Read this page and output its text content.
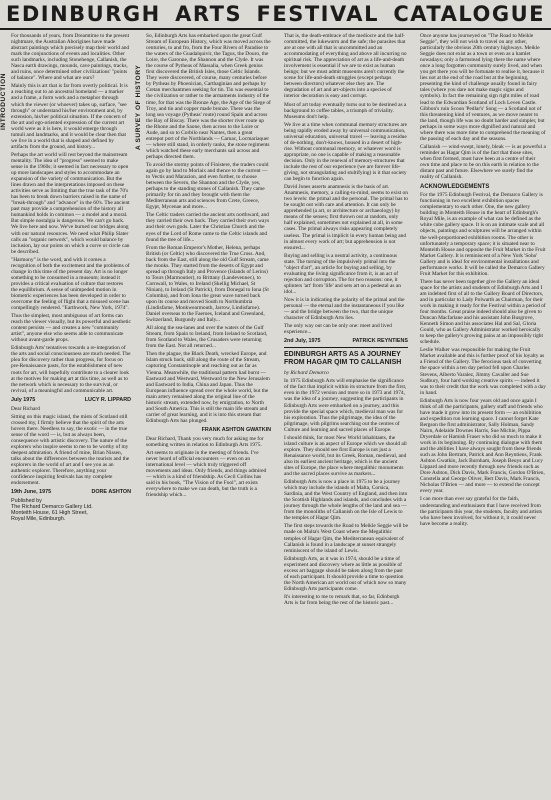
EDINBURGH ARTS FESTIVAL CATALOGUE
INTRODUCTION	A SURVEY OF HISTORY

For thousands of years, from Dreamtime to the present nightmare, the Australian Aborigines have made abstract paintings which precisely map their world and mark the conjunctions of events and localities. Other such landmarks, including Stonehenge, Callanish, the Nasca earth drawings, mounds, cave paintings, tracks, and ruins, once determined other civilizations' "points of balance". Where and what are ours?

Mainly this is art that is far from overtly political. It is a reaching out to an ancestral homeland — a marker and a frame, a form work and a metaphor through which the viewer (or whoever) takes up, surface, "see through" or understand his/her environment and, by extension, his/her political situation. If the concern of the art and ego-oriented expression of the current art world were as it is here, it would emerge through tumuli and landmarks, and it would be clear then that we live in a world that is shaped and defined by artifacts from the ground, and history...

Perhaps the art world will rest beyond the mainstream mentality. The idea of "progress" seemed to make sense in the 1960s; it seemed in fact necessary to open up more landscapes and styles to accommodate an expansion of the variety of communication. But the lines drawn and the interpretations imposed on these activities serve as limiting that the true task of the 70's has been to break down barriers raised in the name of "break-through" and "advance" in the 60's. The ancient past may provide a comprehension of the history all humankind holds in common — a model and a moral. But simple nostalgia is dangerous. We can't go back. We live here and now. We've burned our bridges along with our natural resources. We need what Philip Slater calls an "organic network", which would balance by inclusion, lay our points on which a curve or circle can be described.

"Harmony" is the word, and with it comes a recognition of both the excitement and the problems of change in this time of the present day. Art is no longer something to be consumed in a museum; instead it provides a critical evaluation of culture that restores the equilibrium. A sense of unimpeded motion in biometric experiences has been developed in order to overcome the feeling of flight that a misused scene has compellingly rendered. "Earthwork, New York, 1974".

Thus the simplest, most ambiguous of art forms can reach the viewer visually, but its powerful and aesthetic content persists — and creates a new "community artist", anyone else who seems able to communicate without avant-garde props.

Edinburgh Arts' tentatives towards a re-integration of the arts and social consciousness are much needed. The plea for discovery rather than progress, for focus on pre-Renaissance pasts, for the establishment of new roots for art, will hopefully contribute to a clearer look at the motives for making art at this time, as well as to the network which is necessary to the survival, or revival, of a meaningful and communicable art.

July 1975	LUCY R. LIPPARD

Dear Richard

Sitting on this magic island, the mists of Scotland still crossed my, I firmly believe that the spirit of the arts hovers there. Needless to say, the exotic — in the true sense of the word — is, but as always been, consequence with artistic discovery. The nature of the explorers who inspire seems to me to be worthy of my deepest admiration. A friend of mine, Brian Nissen, talks about the differences between the tourists and the explorers in the world of art and I see you as an authentic explorer. Therefore, anything your confidence inspiring festivals has my complete endorsement.

19th June, 1975	DORE ASHTON
Published by
The Richard Demarco Gallery Ltd.
Monteith House, 61 High Street,
Royal Mile, Edinburgh.

So, Edinburgh Arts has embarked upon the great Gulf Stream of European History, which was moved across the centuries, to and fro, from the Four Rivers of Paradise to the waters of the Guadalquivir, the Tagus, the Douro, the Loire, the Garonne, the Shannon and the Clyde. It was the course of Pytheas of Massalia, when Greek genius first discovered the British Isles, those Celtic Islands. They were discovered, of course, many centuries before by Pytheas by Phoenician, Carthaginian and perhaps by Cretan merchantmen seeking for tin. Tin was essential to the civilization or rather to the armaments industry of the time, for that was the Bronze Age, the Age of the Siege of Troy, and tin and copper made bronze. There was the long sea voyage (Pytheas' route) round Spain and across the Bay of Biscay. There was the shorter river route up the Rhone and the Saone, then across to the Loire or Aude, and so to Corbilo near Nantes, then a great entrepot port of the Northlands — Carnac, Locmariaquer — where still stand, in orderly ranks, the stone regiments which watched these early merchants sail across and perhaps directed them.

To avoid the stormy points of Finistere, the traders could again go by land to Morlaix and thence to the current — to Vectis and Marazion, and even further, to choose between the Severn, the Shannon and the Clyde, yes, perhaps to the standing stones of Callanish. They came primarily for tin and they brought with them the Mediterranean arts and sciences from Crete, Greece, Egypt, Mycenae and more...

The Celtic traders carried the ancient arts northward, and they carried their own back. They carried their own ways and their own gods. Later the Christian Church and the eyes of the Lord of Rome came to the Celtic islands and found the tree of life...

From the Roman Emperor's Mother, Helena, perhaps British (or Celtic) who discovered the True Cross. And, back from the East, still along the old Gulf Stream, came the monks. They started from the deserts of Egypt and spread up through Italy and Provence (Islands of Lerins) to Tours (Marmoutier), to Brittany (Landevennec), to Cornwall, to Wales, to Ireland (Skellig Michael, St Ninian), to Ireland (St Patrick), from Donegal to Iona (St Columba), and from Iona the great wave turned back upon its course and moved South to Northumbria (Lindisfarne, Monkwearmouth, Jarrow, Lindisfarne). Daniel overseas to the Faeroes, Iceland and Greenland, Switzerland, Burgundy and Italy...

All along the sea-lanes and over the waters of the Gulf Stream, from Spain to Ireland, from Ireland to Scotland, from Scotland to Wales, the Crusaders were returning from the East. Not all returned...

Then the plague, the Black Death, wrecked Europe, and Islam struck back, still along the route of the Stream, capturing Constantinople and reaching out as far as Vienna. Meanwhile, the traditional pattern had burnt — Eastward and Westward, Westward to the New Jerusalem and Eastward to India, China and Japan. Thus the European influence spread over the whole world, but the main artery remained along the original line of the historic stream, extended now, by emigration, to North and South America. This is still the main life stream and carrier of great learning, and it is into this stream that Edinburgh Arts has plunged.

FRANK ASHTON GWATKIN

Dear Richard, Thank you very much for asking me for something written in relation to Edinburgh Arts 1975.

Art seems to originate in the meeting of friends. I've never heard of official encounters — even on an international level — which truly triggered off movements and ideas. Only friends, and things admired — which is a kind of friendship. As Cecil Collins has said in his book, "The Vision of the Fool", art exists everywhere to make we can death, but the truth is a friendship which...

That is, the death-embrace of the mediocre and the half-committed, the lukewarm and the safe; the parasites that are at one with all that is uncommitted and an accommodating of everything and above all incurring no spiritual risk. The appreciation of art as a life-and-death involvement is essential if we are to exist as human beings; but we must admit museums aren't currently the scene for life-and-death struggles (except perhaps between directors) whatever else they are. The degradation of art and art-objects into a species of interior decoration is easy and corrupt.

Most of art today eventually turns out to be destined as a background to coffee tables, a triumph of triviality. Museums don't help.

We live at a time when communal memory structures are being rapidly eroded away by universal communication, universal education, universal travel — leaving a residue of de-nothing, don't-knows, housed in a desert of high-rise. Without communal memory, or whatever word is appropriate, no one is capable of making a reasonable decision. Only in the renewal of memory-structures that include the rest of our experience (we are forever life-giving, not strangulating and stultifying) is it that society can begin to function again.

David Jones asserts anamnesis is the basis of art. Anamnesis, memory, a calling-to-mind, seems to exist on two levels: the primal and the personal. The primal has to be sought out with care and attention. It can only be apprehended (a art, or architecture or archaeology) by means of the senses; first thrown out at random, only half explained, sometimes not explained at all, in some cases. The primal always risks appearing completely useless. The primal is implicit in every human being and in almost every work of art; but apprehension is not ensured...

Buying and selling is a neutral activity, a continuous state. The turning of the impulsively primal into the "object d'art", an article for buying and selling, by evaluating the living significance from it, is an act of rejection and corruption. The for two reasons: one, it splinters 'art' from 'life' and sets art on a pedestal as an idol...

Now it is in indicating the polarity of the primal and the personal — the eternal and the instantaneous if you like — and the bridge between the two, that the unique character of Edinburgh Arts lies.

The only way out can be only one: meet and lived experience...

2nd July, 1975	PATRICK REYNTIENS
EDINBURGH ARTS AS A JOURNEY FROM HAGAR QIM TO CALLANISH

by Richard Demarco

In 1975 Edinburgh Arts will emphasise the significance of the fact that implicit within its structure from the first, even in the 1972 version and more so in 1973 and 1974, was the idea of a journey, suggesting the participants in Edinburgh Arts were embarked on a journey, and this provide the special space which, medieval man was for his exploration. Thus the pilgrimage, the idea of the pilgrimage, with pilgrims searching out the centres of Culture and learning and sacred places of Europe.

I should think, for most New World inhabitants, the island culture is an aspect of Europe which we should all explore. They should see first Europe is not just a Renaissance world, but its Greek, Roman, medieval, and also its earliest ancient heritage, which is the ancient sites of Europe, the place where megalithic monuments and the sacred places survive as markers...

Edinburgh Arts is now a place in 1975 to be a journey which may include the islands of Malta, Corsica, Sardinia, and the West Country of England, and then into the Scottish Highlands and islands, and concludes with a journey through the whole lengths of the land and sea — from the monoliths of Callanish on the Isle of Lewis to the temples of Hagar Qim.

The first steps towards the Road to Meikle Seggie will be made on Malta's West Coast where the Megalithic temples of Hagar Qim, the Mediterranean equivalent of Callanish is found in a landscape at sunset strangely reminiscent of the island of Lewis.

Edinburgh Arts, as it was in 1974, should be a time of experiment and discovery where as little as possible of excess art baggage should be taken along from the past of each participant. It should provide a time to question the North American art world out of which now so many Edinburgh Arts participants come.

It's interesting to me to remark that, so far, Edinburgh Arts is far from being the rest of the historic past...

Once anyone has journeyed on "The Road to Meikle Seggie", they will not wish to travel on any other, particularly the obvious 20th century highways. Meikle Seggie does not exist as a town or even as a hamlet nowadays; only a farmstead lying there the name where once a long forgotten community surely lived, and when you get there you will be fortunate to realise it, because it lies not at the end of the road but at the beginning, presenting the kind of challenge usually found in fairy tales (where you dare not make magic signs and symbols). In fact the remaining sign right miles of road lead to the Edwardian Scotland of Loch Leven Castle. Gibbon's ruin Scoon 'Pedlar's' Song — a Scotland not of this threatening kind of ventures, as we move nearer to the land, though life was no doubt harder and simpler, but perhaps in some ways more dignified and natural and where there was more time to comprehend the meaning of the passing of each day and the seasons.

Callanish — wind-swept, lonely, bleak — is as powerful a reminder as Hagar Qim is of the fact that those sites, when first formed, must have been at a centre of their own time and place to be on this earth in relation to the distant past and future. Elsewhere we surely find the reality of Callanish.

ACKNOWLEDGEMENTS

For the 1975 Edinburgh Festival, the Demarco Gallery is functioning in two excellent exhibition spaces complementary to each other. One, the new gallery building in Monteith House in the heart of Edinburgh's Royal Mile, is an example of what can be defined as the white cube gallery space. It is on an intimate scale and all objects, paintings and sculptures will be arranged within the well-proportioned exhibition rooms. The other is unfortunately a temporary space; it is situated near to Monteith House and opposite the Fruit Market in the Fruit Market Gallery. It is reminiscent of a New York 'Soho' Gallery and is ideal for environmental installations and performance works. It will be called the Demarco Gallery Fruit Market for this exhibition.

There has never been together give the Gallery an ideal space for the artists and students of Edinburgh Arts and I am indebted first of all to the Gallery Board of Directors, and in particular to Lady Polwarth as Chairman, for their work in making it ready for the Festival within a period of four months. Great praise indeed should also be given to Duncan Macfarlane and his assistant John Busgrove, Kenneth Simon and his associates Hal and Sal, Gloria Gould, who as Gallery Administrator worked heroically to keep the gallery's growing pains at an impossibly tight schedule.

Leslie Walker was responsible for making the Fruit Market available and this is further proof of his loyalty as a Friend of the Gallery. The ferocious task of converting the space within a ten day period fell upon Charles Stevens, Alberto Varalez, Jimmy Cavaller and Sue Sudbury, four hard working creative spirits — indeed it was to their credit that the work was completed with a day in hand.

Edinburgh Arts is now four years old and once again I think of all the participants, gallery staff and friends who have made it grow into its present form — an exhibition and expedition run learning space. I cannot forget Kate Bergson the first administrator, Sally Holman, Sandy Nairn, Adelaide Downes Harris, Sue Michie, Pippa Dryerdale or Hamish Fraser who did so much to make it work in its beginning. By continuing dialogue with them and the abilities I have always sought from these friends such as John Bertram, Patrick and Ann Reyntiens, Frank Ashton Gwatkin, Jack Burnham, Joseph Beuys and Lucy Lippard and more recently through new friends such as Dore Ashton, Dick Davis, Mark Francis, Gordon O'Brien, Constella and George Oliver, Bert Davis, Mark Francis, Nicholas O'Brien — and more — to extend the concept every year.

I can more than ever say grateful for the faith, understanding and enthusiasm that I have received from the participants this year, the students, faculty and artists who have been involved, for without it, it could never have become a reality.
